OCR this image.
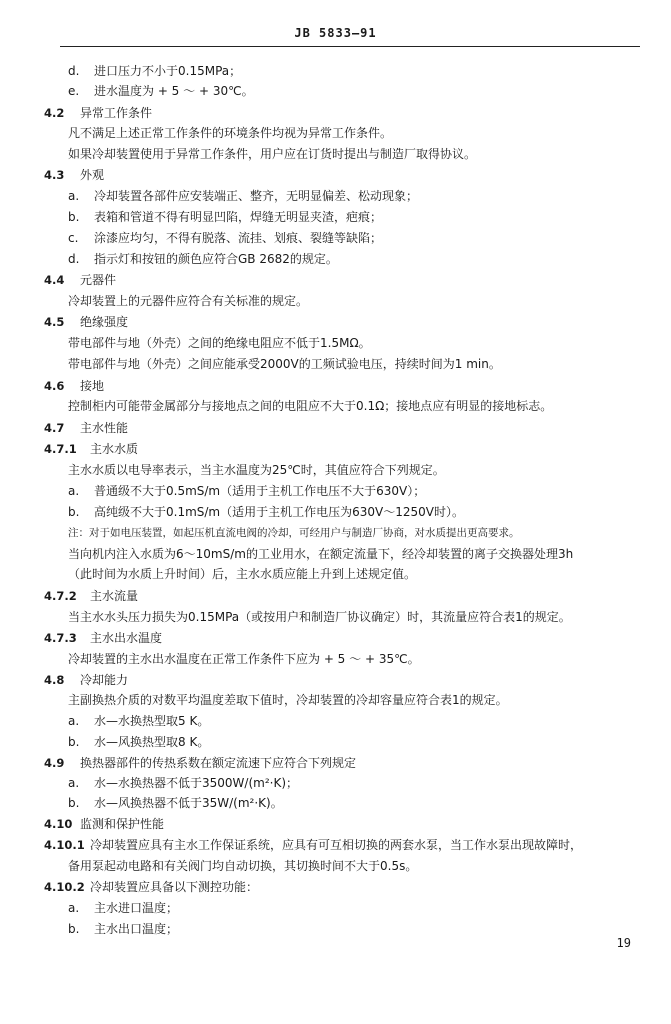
JB 5833—91
d. 进口压力不小于0.15MPa；
e. 进水温度为 + 5 ～ + 30℃。
4.2 异常工作条件
凡不满足上述正常工作条件的环境条件均视为异常工作条件。
如果冷却装置使用于异常工作条件，用户应在订货时提出与制造厂取得协议。
4.3 外观
a. 冷却装置各部件应安装端正、整齐，无明显偏差、松动现象；
b. 表箱和管道不得有明显凹陷，焊缝无明显夹渣，疤痕；
c. 涂漆应均匀，不得有脱落、流挂、划痕、裂缝等缺陷；
d. 指示灯和按钮的颜色应符合GB 2682的规定。
4.4 元器件
冷却装置上的元器件应符合有关标准的规定。
4.5 绝缘强度
带电部件与地（外壳）之间的绝缘电阻应不低于1.5MΩ。
带电部件与地（外壳）之间应能承受2000V的工频试验电压，持续时间为1 min。
4.6 接地
控制柜内可能带金属部分与接地点之间的电阻应不大于0.1Ω；接地点应有明显的接地标志。
4.7 主水性能
4.7.1 主水水质
主水水质以电导率表示，当主水温度为25℃时，其值应符合下列规定。
a. 普通级不大于0.5mS/m（适用于主机工作电压不大于630V）；
b. 高纯级不大于0.1mS/m（适用于主机工作电压为630V～1250V时）。
注：对于如电压装置，如起压机直流电阀的冷却，可经用户与制造厂协商，对水质提出更高要求。
当向机内注入水质为6～10mS/m的工业用水，在额定流量下，经冷却装置的离子交换器处理3h
（此时间为水质上升时间）后，主水水质应能上升到上述规定值。
4.7.2 主水流量
当主水水头压力损失为0.15MPa（或按用户和制造厂协议确定）时，其流量应符合表1的规定。
4.7.3 主水出水温度
冷却装置的主水出水温度在正常工作条件下应为 + 5 ～ + 35℃。
4.8 冷却能力
主副换热介质的对数平均温度差取下值时，冷却装置的冷却容量应符合表1的规定。
a. 水—水换热型取5 K。
b. 水—风换热型取8 K。
4.9 换热器部件的传热系数在额定流速下应符合下列规定
a. 水—水换热器不低于3500W/(m²·K)；
b. 水—风换热器不低于35W/(m²·K)。
4.10 监测和保护性能
4.10.1 冷却装置应具有主水工作保证系统，应具有可互相切换的两套水泵，当工作水泵出现故障时，
备用泵起动电路和有关阀门均自动切换，其切换时间不大于0.5s。
4.10.2 冷却装置应具备以下测控功能：
a. 主水进口温度；
b. 主水出口温度；
19
